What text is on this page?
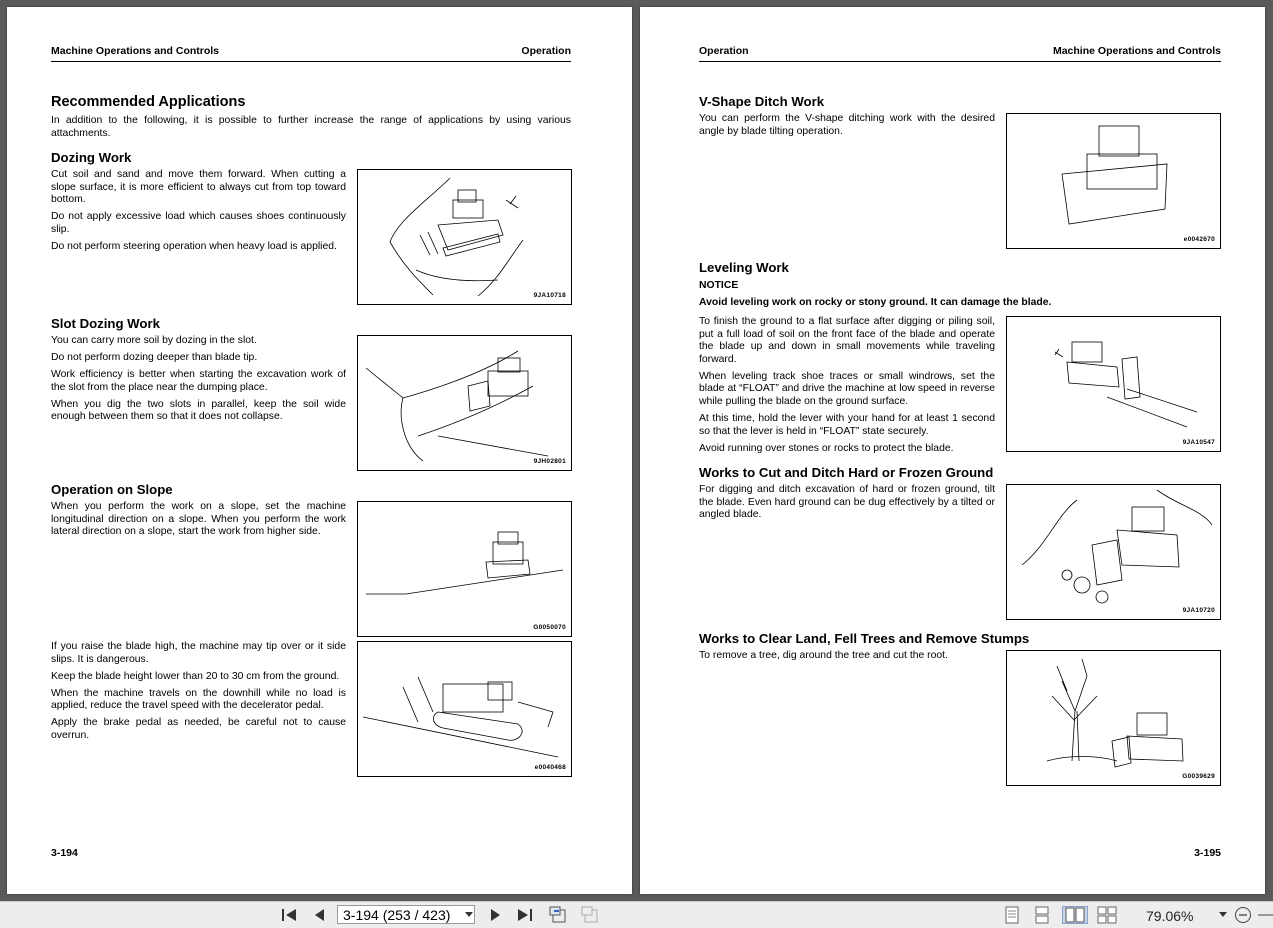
Machine Operations and Controls	Operation
Recommended Applications
In addition to the following, it is possible to further increase the range of applications by using various attachments.
Dozing Work

Cut soil and sand and move them forward. When cutting a slope surface, it is more efficient to always cut from top toward bottom.

Do not apply excessive load which causes shoes continuously slip.

Do not perform steering operation when heavy load is applied.

9JA10718
Slot Dozing Work

You can carry more soil by dozing in the slot.

Do not perform dozing deeper than blade tip.

Work efficiency is better when starting the excavation work of the slot from the place near the dumping place.

When you dig the two slots in parallel, keep the soil wide enough between them so that it does not collapse.

9JH02801
Operation on Slope

When you perform the work on a slope, set the machine longitudinal direction on a slope. When you perform the work lateral direction on a slope, start the work from higher side.

G0050070

If you raise the blade high, the machine may tip over or it side slips. It is dangerous.

Keep the blade height lower than 20 to 30 cm from the ground.

When the machine travels on the downhill while no load is applied, reduce the travel speed with the decelerator pedal.

Apply the brake pedal as needed, be careful not to cause overrun.

e0040468
3-194
Operation	Machine Operations and Controls
V-Shape Ditch Work

You can perform the V-shape ditching work with the desired angle by blade tilting operation.

e0042670
Leveling Work
NOTICE
Avoid leveling work on rocky or stony ground. It can damage the blade.

To finish the ground to a flat surface after digging or piling soil, put a full load of soil on the front face of the blade and operate the blade up and down in small movements while traveling forward.

When leveling track shoe traces or small windrows, set the blade at “FLOAT” and drive the machine at low speed in reverse while pulling the blade on the ground surface.

At this time, hold the lever with your hand for at least 1 second so that the lever is held in “FLOAT” state securely.

Avoid running over stones or rocks to protect the blade.

9JA10547
Works to Cut and Ditch Hard or Frozen Ground

For digging and ditch excavation of hard or frozen ground, tilt the blade. Even hard ground can be dug effectively by a tilted or angled blade.

9JA10720
Works to Clear Land, Fell Trees and Remove Stumps

To remove a tree, dig around the tree and cut the root.

G0039629
3-195
3-194 (253 / 423)	79.06%
